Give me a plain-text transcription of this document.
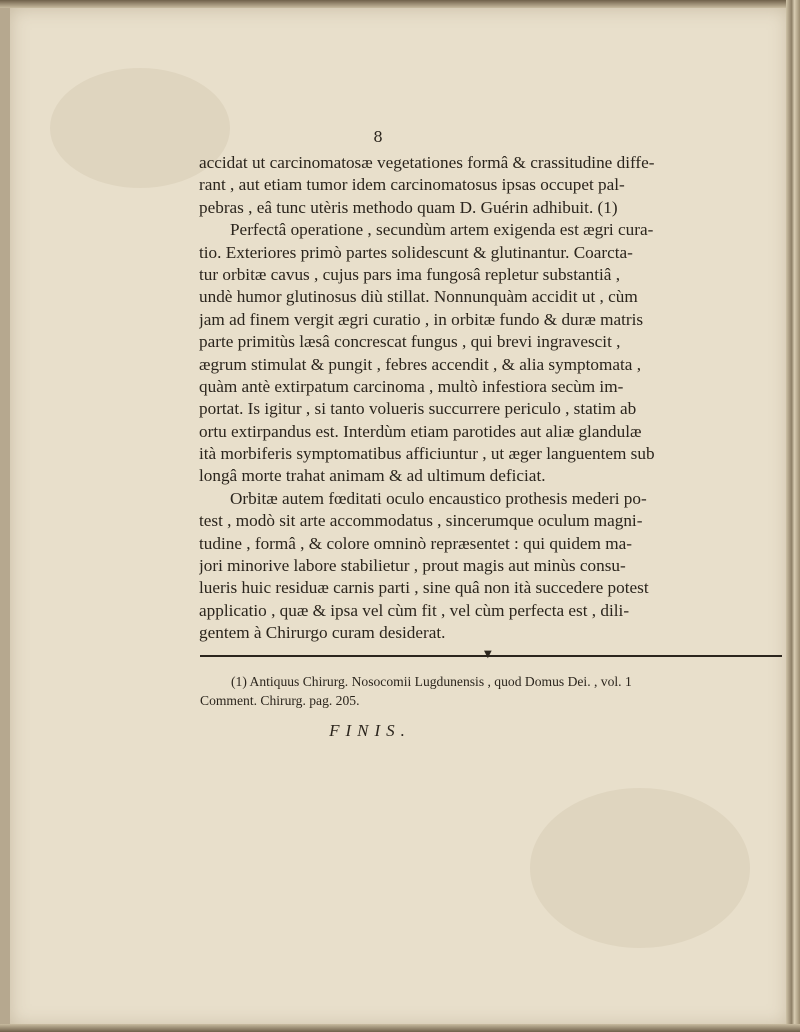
8
accidat ut carcinomatosæ vegetationes formâ & crassitudine diffe-
rant , aut etiam tumor idem carcinomatosus ipsas occupet pal-
pebras , eâ tunc utèris methodo quam D. Guérin adhibuit. (1)
Perfectâ operatione , secundùm artem exigenda est ægri cura-
tio. Exteriores primò partes solidescunt & glutinantur. Coarcta-
tur orbitæ cavus , cujus pars ima fungosâ repletur substantiâ ,
undè humor glutinosus diù stillat. Nonnunquàm accidit ut , cùm
jam ad finem vergit ægri curatio , in orbitæ fundo & duræ matris
parte primitùs læsâ concrescat fungus , qui brevi ingravescit ,
ægrum stimulat & pungit , febres accendit , & alia symptomata ,
quàm antè extirpatum carcinoma , multò infestiora secùm im-
portat. Is igitur , si tanto volueris succurrere periculo , statim ab
ortu extirpandus est. Interdùm etiam parotides aut aliæ glandulæ
ità morbiferis symptomatibus afficiuntur , ut æger languentem sub
longâ morte trahat animam & ad ultimum deficiat.
Orbitæ autem fœditati oculo encaustico prothesis mederi po-
test , modò sit arte accommodatus , sincerumque oculum magni-
tudine , formâ , & colore omninò repræsentet : qui quidem ma-
jori minorive labore stabilietur , prout magis aut minùs consu-
lueris huic residuæ carnis parti , sine quâ non ità succedere potest
applicatio , quæ & ipsa vel cùm fit , vel cùm perfecta est , dili-
gentem à Chirurgo curam desiderat.
▼
(1) Antiquus Chirurg. Nosocomii Lugdunensis , quod Domus Dei. , vol. 1
Comment. Chirurg. pag. 205.
FINIS.
